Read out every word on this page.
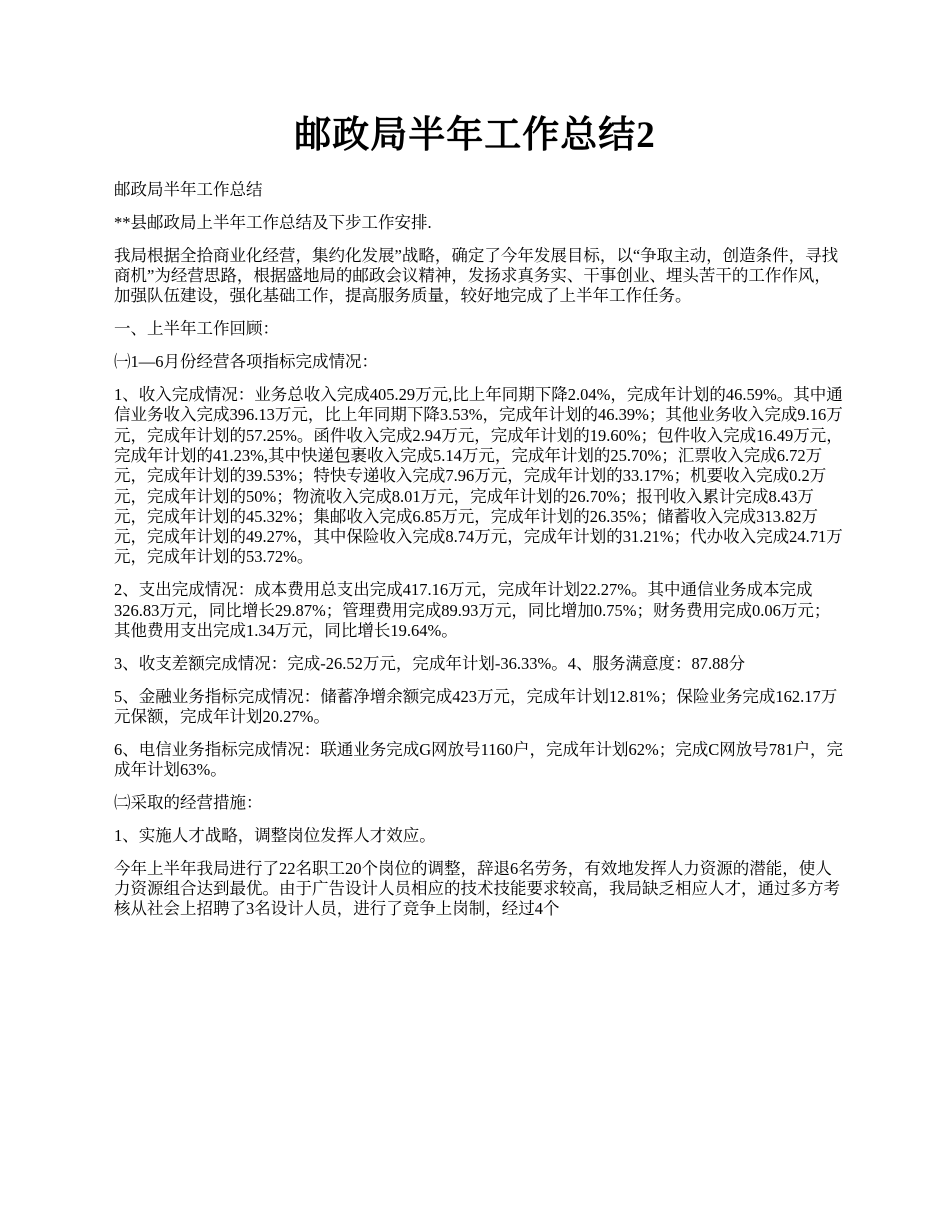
邮政局半年工作总结2

邮政局半年工作总结

**县邮政局上半年工作总结及下步工作安排.

我局根据全拾商业化经营，集约化发展”战略，确定了今年发展目标，以“争取主动，创造条件，寻找商机”为经营思路，根据盛地局的邮政会议精神，发扬求真务实、干事创业、埋头苦干的工作作风，加强队伍建设，强化基础工作，提高服务质量，较好地完成了上半年工作任务。

一、上半年工作回顾：

㈠1—6月份经营各项指标完成情况：

1、收入完成情况：业务总收入完成405.29万元,比上年同期下降2.04%，完成年计划的46.59%。其中通信业务收入完成396.13万元，比上年同期下降3.53%，完成年计划的46.39%；其他业务收入完成9.16万元，完成年计划的57.25%。函件收入完成2.94万元，完成年计划的19.60%；包件收入完成16.49万元，完成年计划的41.23%,其中快递包裹收入完成5.14万元，完成年计划的25.70%；汇票收入完成6.72万元，完成年计划的39.53%；特快专递收入完成7.96万元，完成年计划的33.17%；机要收入完成0.2万元，完成年计划的50%；物流收入完成8.01万元，完成年计划的26.70%；报刊收入累计完成8.43万元，完成年计划的45.32%；集邮收入完成6.85万元，完成年计划的26.35%；储蓄收入完成313.82万元，完成年计划的49.27%，其中保险收入完成8.74万元，完成年计划的31.21%；代办收入完成24.71万元，完成年计划的53.72%。

2、支出完成情况：成本费用总支出完成417.16万元，完成年计划22.27%。其中通信业务成本完成326.83万元，同比增长29.87%；管理费用完成89.93万元，同比增加0.75%；财务费用完成0.06万元；其他费用支出完成1.34万元，同比增长19.64%。

3、收支差额完成情况：完成-26.52万元，完成年计划-36.33%。4、服务满意度：87.88分

5、金融业务指标完成情况：储蓄净增余额完成423万元，完成年计划12.81%；保险业务完成162.17万元保额，完成年计划20.27%。

6、电信业务指标完成情况：联通业务完成G网放号1160户，完成年计划62%；完成C网放号781户，完成年计划63%。

㈡采取的经营措施：

1、实施人才战略，调整岗位发挥人才效应。

今年上半年我局进行了22名职工20个岗位的调整，辞退6名劳务，有效地发挥人力资源的潜能，使人力资源组合达到最优。由于广告设计人员相应的技术技能要求较高，我局缺乏相应人才，通过多方考核从社会上招聘了3名设计人员，进行了竞争上岗制，经过4个
